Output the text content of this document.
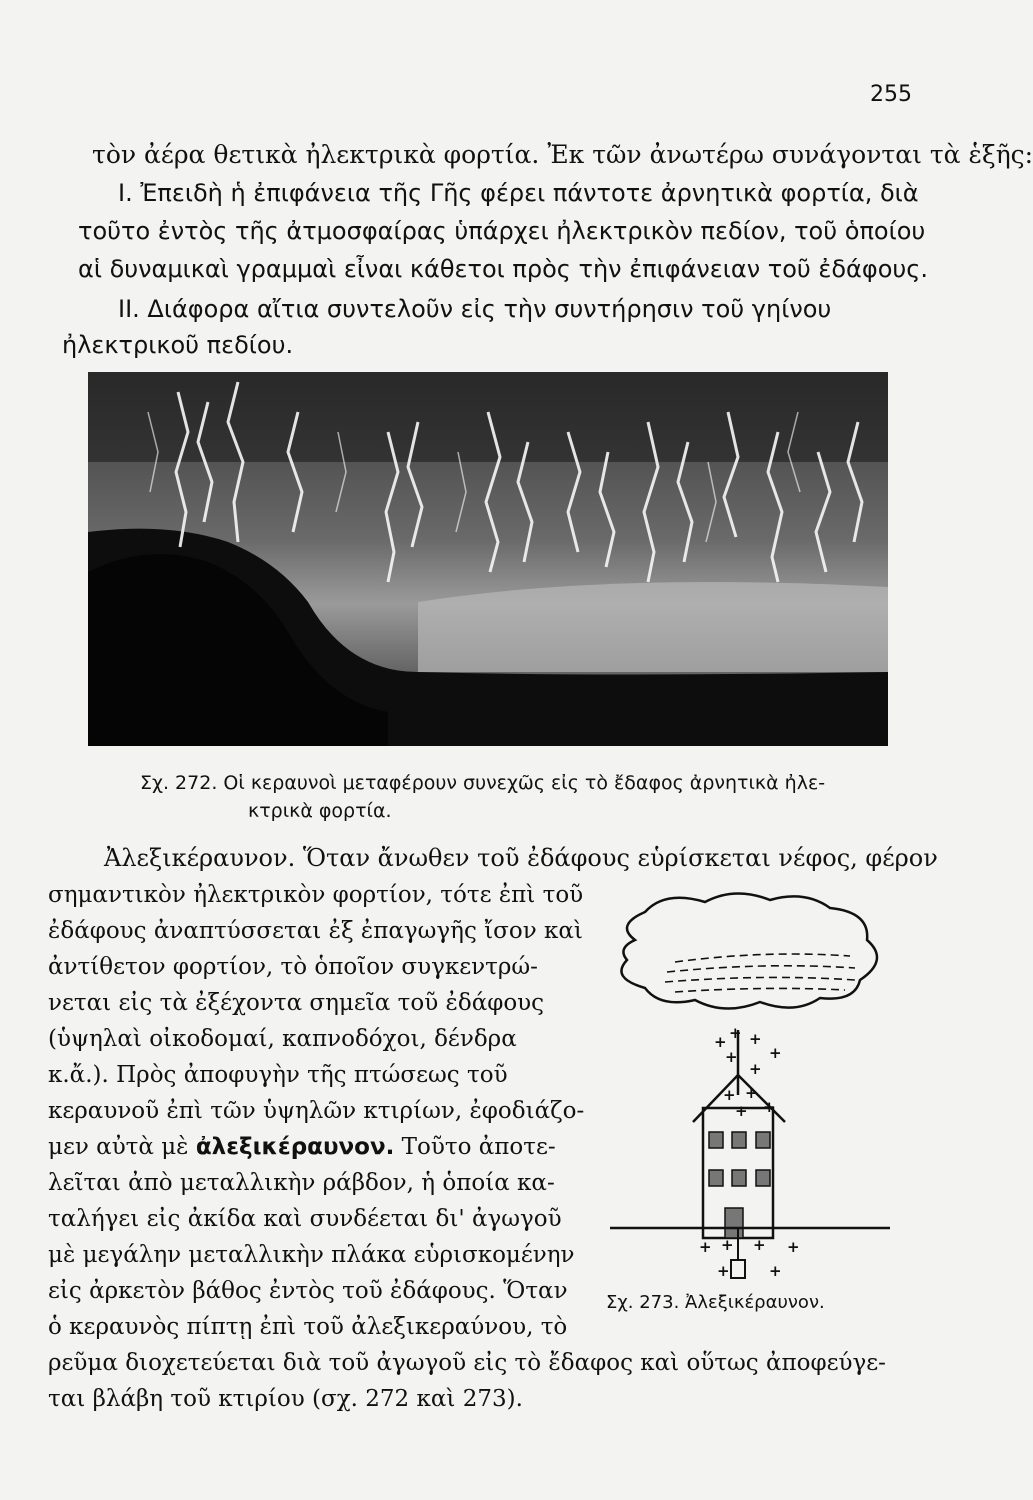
255
τὸν ἀέρα θετικὰ ἠλεκτρικὰ φορτία. Ἐκ τῶν ἀνωτέρω συνάγονται τὰ ἑξῆς:
I. Ἐπειδὴ ἡ ἐπιφάνεια τῆς Γῆς φέρει πάντοτε ἀρνητικὰ φορτία, διὰ
τοῦτο ἐντὸς τῆς ἀτμοσφαίρας ὑπάρχει ἠλεκτρικὸν πεδίον, τοῦ ὁποίου
αἱ δυναμικαὶ γραμμαὶ εἶναι κάθετοι πρὸς τὴν ἐπιφάνειαν τοῦ ἐδάφους.
II. Διάφορα αἴτια συντελοῦν εἰς τὴν συντήρησιν τοῦ γηίνου
ἠλεκτρικοῦ πεδίου.
Σχ. 272. Οἱ κεραυνοὶ μεταφέρουν συνεχῶς εἰς τὸ ἔδαφος ἀρνητικὰ ἠλε-
κτρικὰ φορτία.
Ἀλεξικέραυνον. Ὅταν ἄνωθεν τοῦ ἐδάφους εὑρίσκεται νέφος, φέρον
σημαντικὸν ἠλεκτρικὸν φορτίον, τότε ἐπὶ τοῦ
ἐδάφους ἀναπτύσσεται ἐξ ἐπαγωγῆς ἴσον καὶ
ἀντίθετον φορτίον, τὸ ὁποῖον συγκεντρώ-
νεται εἰς τὰ ἐξέχοντα σημεῖα τοῦ ἐδάφους
(ὑψηλαὶ οἰκοδομαί, καπνοδόχοι, δένδρα
κ.ἄ.). Πρὸς ἀποφυγὴν τῆς πτώσεως τοῦ
κεραυνοῦ ἐπὶ τῶν ὑψηλῶν κτιρίων, ἐφοδιάζο-
μεν αὐτὰ μὲ ἀλεξικέραυνον. Τοῦτο ἀποτε-
λεῖται ἀπὸ μεταλλικὴν ράβδον, ἡ ὁποία κα-
ταλήγει εἰς ἀκίδα καὶ συνδέεται δι' ἀγωγοῦ
μὲ μεγάλην μεταλλικὴν πλάκα εὑρισκομένην
εἰς ἀρκετὸν βάθος ἐντὸς τοῦ ἐδάφους. Ὅταν
ὁ κεραυνὸς πίπτῃ ἐπὶ τοῦ ἀλεξικεραύνου, τὸ
ρεῦμα διοχετεύεται διὰ τοῦ ἀγωγοῦ εἰς τὸ ἔδαφος καὶ οὕτως ἀποφεύγε-
ται βλάβη τοῦ κτιρίου (σχ. 272 καὶ 273).
+ + +
+
+
+
+ +
+
+
+ + + +
+	+
Σχ. 273. Ἀλεξικέραυνον.
